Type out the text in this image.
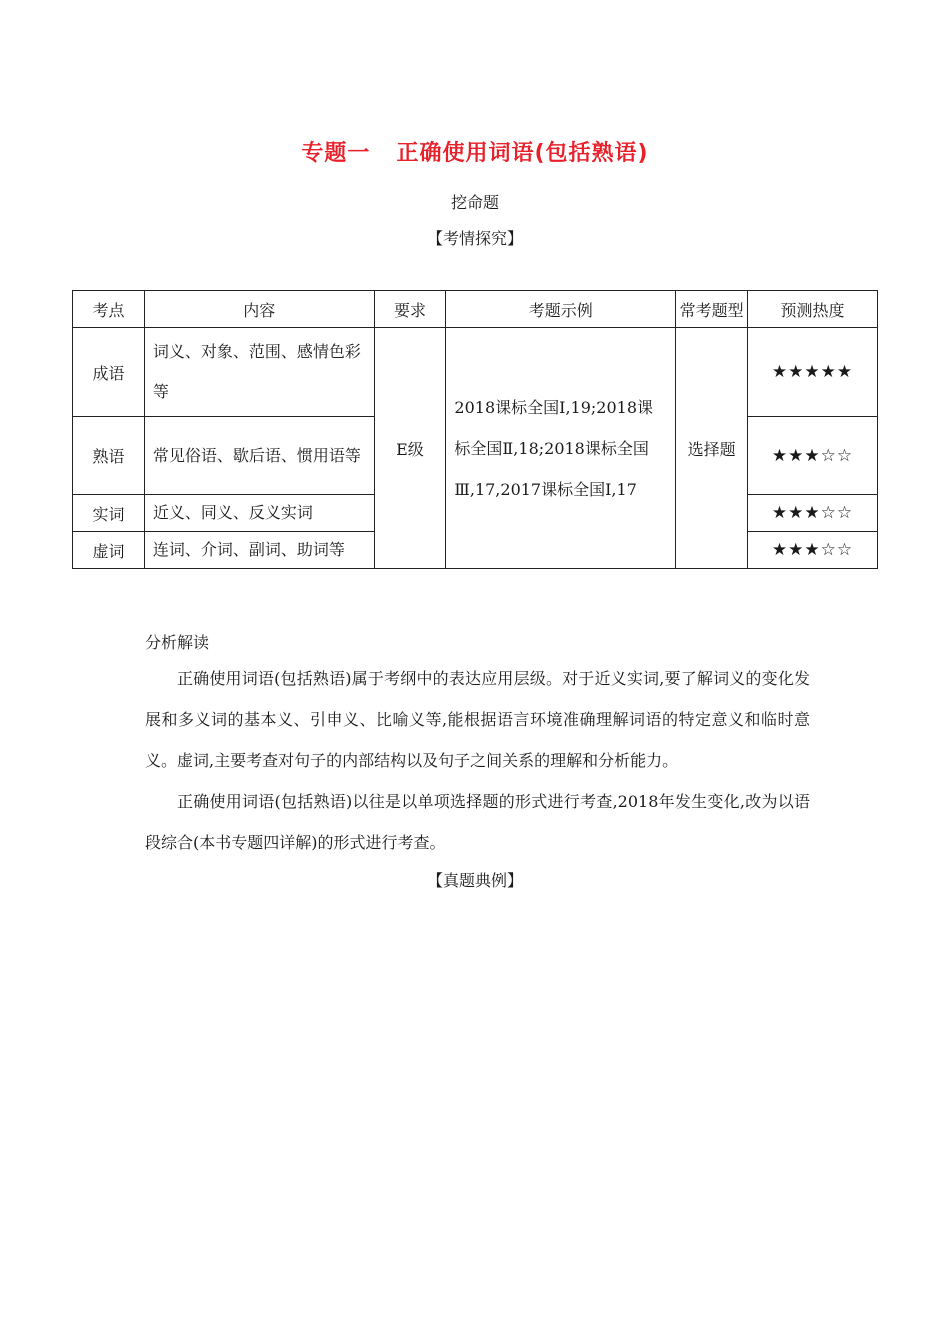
专题一 正确使用词语(包括熟语)
挖命题
【考情探究】
考点	内容	要求	考题示例	常考题型	预测热度
成语	词义、对象、范围、感情色彩等	E级	2018课标全国Ⅰ,19;2018课标全国Ⅱ,18;2018课标全国Ⅲ,17,2017课标全国Ⅰ,17	选择题	★★★★★
熟语	常见俗语、歇后语、惯用语等				★★★☆☆
实词	近义、同义、反义实词				★★★☆☆
虚词	连词、介词、副词、助词等				★★★☆☆
分析解读

正确使用词语(包括熟语)属于考纲中的表达应用层级。对于近义实词,要了解词义的变化发展和多义词的基本义、引申义、比喻义等,能根据语言环境准确理解词语的特定意义和临时意义。虚词,主要考查对句子的内部结构以及句子之间关系的理解和分析能力。

正确使用词语(包括熟语)以往是以单项选择题的形式进行考查,2018年发生变化,改为以语段综合(本书专题四详解)的形式进行考查。

【真题典例】
